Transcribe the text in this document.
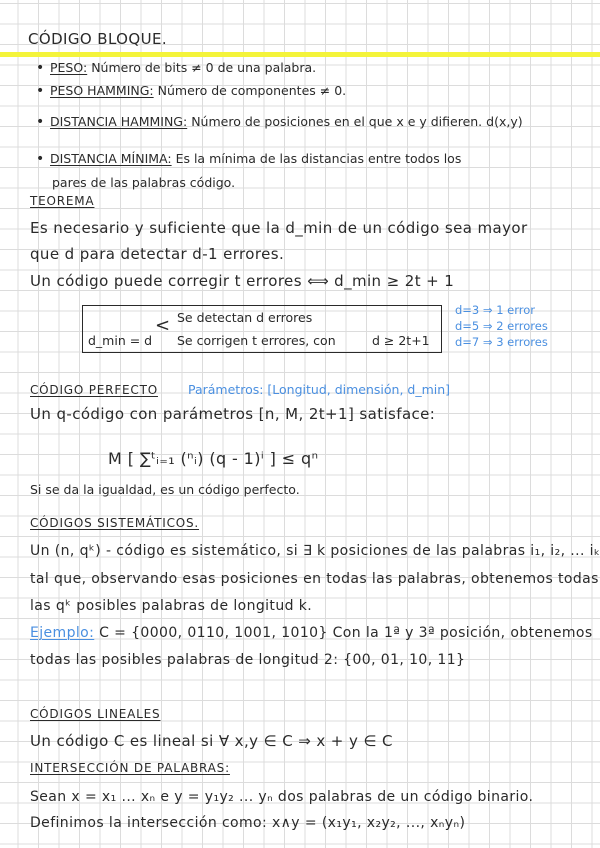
CÓDIGO BLOQUE.
• PESO: Número de bits ≠ 0 de una palabra.
• PESO HAMMING: Número de componentes ≠ 0.
• DISTANCIA HAMMING: Número de posiciones en el que x e y difieren. d(x,y)
• DISTANCIA MÍNIMA: Es la mínima de las distancias entre todos los
pares de las palabras código.
TEOREMA
Es necesario y suficiente que la d_min de un código sea mayor
que d para detectar d-1 errores.
Un código puede corregir t errores ⟺ d_min ≥ 2t + 1
d_min = d
< Se detectan d errores
Se corrigen t errores, con	d ≥ 2t+1
d=3 ⇒ 1 error
d=5 ⇒ 2 errores
d=7 ⇒ 3 errores
CÓDIGO PERFECTO Parámetros: [Longitud, dimensión, d_min]
Un q-código con parámetros [n, M, 2t+1] satisface:
M [ ∑ᵗᵢ₌₁ (ⁿᵢ) (q - 1)ⁱ ] ≤ qⁿ
Si se da la igualdad, es un código perfecto.
CÓDIGOS SISTEMÁTICOS.
Un (n, qᵏ) - código es sistemático, si ∃ k posiciones de las palabras i₁, i₂, ... iₖ
tal que, observando esas posiciones en todas las palabras, obtenemos todas
las qᵏ posibles palabras de longitud k.
Ejemplo: C = {0000, 0110, 1001, 1010} Con la 1ª y 3ª posición, obtenemos
todas las posibles palabras de longitud 2: {00, 01, 10, 11}
CÓDIGOS LINEALES
Un código C es lineal si ∀ x,y ∈ C ⇒ x + y ∈ C
INTERSECCIÓN DE PALABRAS:
Sean x = x₁ ... xₙ e y = y₁y₂ ... yₙ dos palabras de un código binario.
Definimos la intersección como: x∧y = (x₁y₁, x₂y₂, ..., xₙyₙ)
